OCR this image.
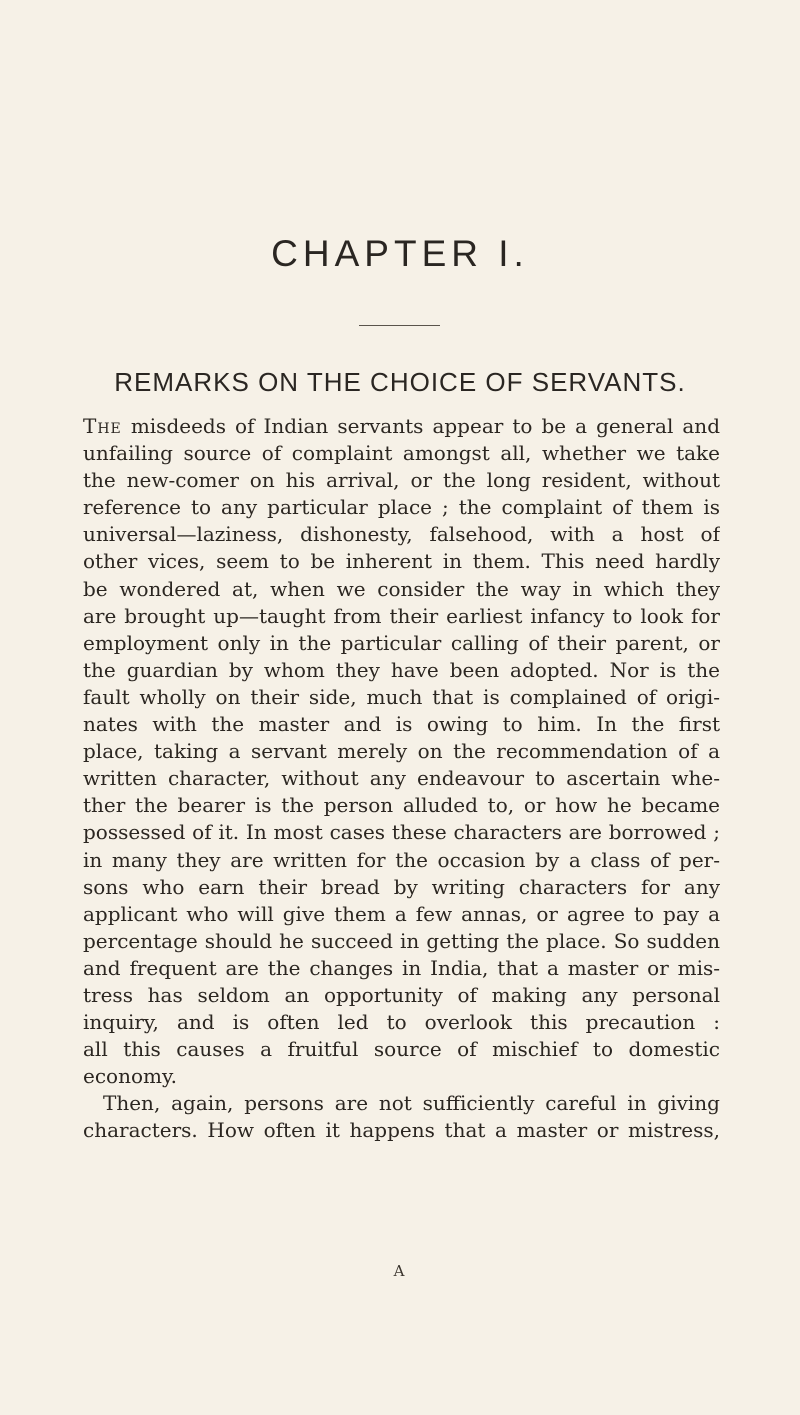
CHAPTER I.
REMARKS ON THE CHOICE OF SERVANTS.
The misdeeds of Indian servants appear to be a general and
unfailing source of complaint amongst all, whether we take
the new-comer on his arrival, or the long resident, without
reference to any particular place ; the complaint of them is
universal—laziness, dishonesty, falsehood, with a host of
other vices, seem to be inherent in them. This need hardly
be wondered at, when we consider the way in which they
are brought up—taught from their earliest infancy to look for
employment only in the particular calling of their parent, or
the guardian by whom they have been adopted. Nor is the
fault wholly on their side, much that is complained of origi-
nates with the master and is owing to him. In the first
place, taking a servant merely on the recommendation of a
written character, without any endeavour to ascertain whe-
ther the bearer is the person alluded to, or how he became
possessed of it. In most cases these characters are borrowed ;
in many they are written for the occasion by a class of per-
sons who earn their bread by writing characters for any
applicant who will give them a few annas, or agree to pay a
percentage should he succeed in getting the place. So sudden
and frequent are the changes in India, that a master or mis-
tress has seldom an opportunity of making any personal
inquiry, and is often led to overlook this precaution :
all this causes a fruitful source of mischief to domestic
economy.
Then, again, persons are not sufficiently careful in giving
characters. How often it happens that a master or mistress,
A
